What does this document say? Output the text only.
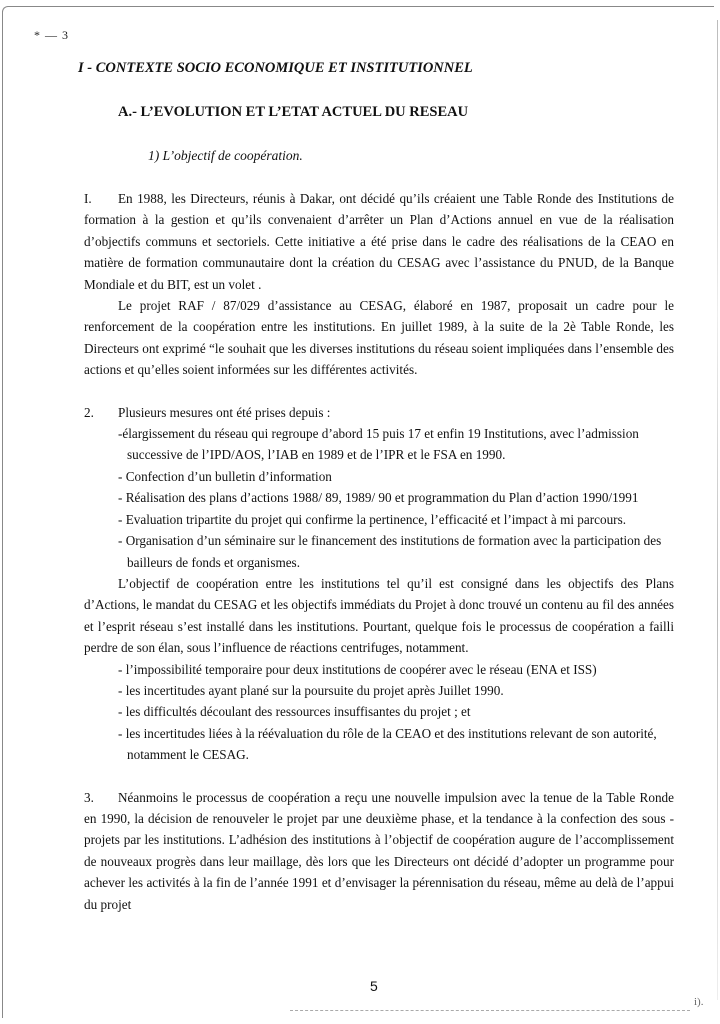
* — 3
I - CONTEXTE SOCIO ECONOMIQUE ET INSTITUTIONNEL
A.- L’EVOLUTION ET L’ETAT ACTUEL DU RESEAU
1) L’objectif de coopération.

I. En 1988, les Directeurs, réunis à Dakar, ont décidé qu’ils créaient une Table Ronde des Institutions de formation à la gestion et qu’ils convenaient d’arrêter un Plan d’Actions annuel en vue de la réalisation d’objectifs communs et sectoriels. Cette initiative a été prise dans le cadre des réalisations de la CEAO en matière de formation communautaire dont la création du CESAG avec l’assistance du PNUD, de la Banque Mondiale et du BIT, est un volet .

Le projet RAF / 87/029 d’assistance au CESAG, élaboré en 1987, proposait un cadre pour le renforcement de la coopération entre les institutions. En juillet 1989, à la suite de la 2è Table Ronde, les Directeurs ont exprimé “le souhait que les diverses institutions du réseau soient impliquées dans l’ensemble des actions et qu’elles soient informées sur les différentes activités.

2. Plusieurs mesures ont été prises depuis :

-élargissement du réseau qui regroupe d’abord 15 puis 17 et enfin 19 Institutions, avec l’admission successive de l’IPD/AOS, l’IAB en 1989 et de l’IPR et le FSA en 1990.
- Confection d’un bulletin d’information
- Réalisation des plans d’actions 1988/ 89, 1989/ 90 et programmation du Plan d’action 1990/1991
- Evaluation tripartite du projet qui confirme la pertinence, l’efficacité et l’impact à mi parcours.
- Organisation d’un séminaire sur le financement des institutions de formation avec la participation des bailleurs de fonds et organismes.

L’objectif de coopération entre les institutions tel qu’il est consigné dans les objectifs des Plans d’Actions, le mandat du CESAG et les objectifs immédiats du Projet à donc trouvé un contenu au fil des années et l’esprit réseau s’est installé dans les institutions. Pourtant, quelque fois le processus de coopération a failli perdre de son élan, sous l’influence de réactions centrifuges, notamment.

- l’impossibilité temporaire pour deux institutions de coopérer avec le réseau (ENA et ISS)
- les incertitudes ayant plané sur la poursuite du projet après Juillet 1990.
- les difficultés découlant des ressources insuffisantes du projet ; et
- les incertitudes liées à la réévaluation du rôle de la CEAO et des institutions relevant de son autorité, notamment le CESAG.

3. Néanmoins le processus de coopération a reçu une nouvelle impulsion avec la tenue de la Table Ronde en 1990, la décision de renouveler le projet par une deuxième phase, et la tendance à la confection des sous - projets par les institutions. L’adhésion des institutions à l’objectif de coopération augure de l’accomplissement de nouveaux progrès dans leur maillage, dès lors que les Directeurs ont décidé d’adopter un programme pour achever les activités à la fin de l’année 1991 et d’envisager la pérennisation du réseau, même au delà de l’appui du projet

5
i).
